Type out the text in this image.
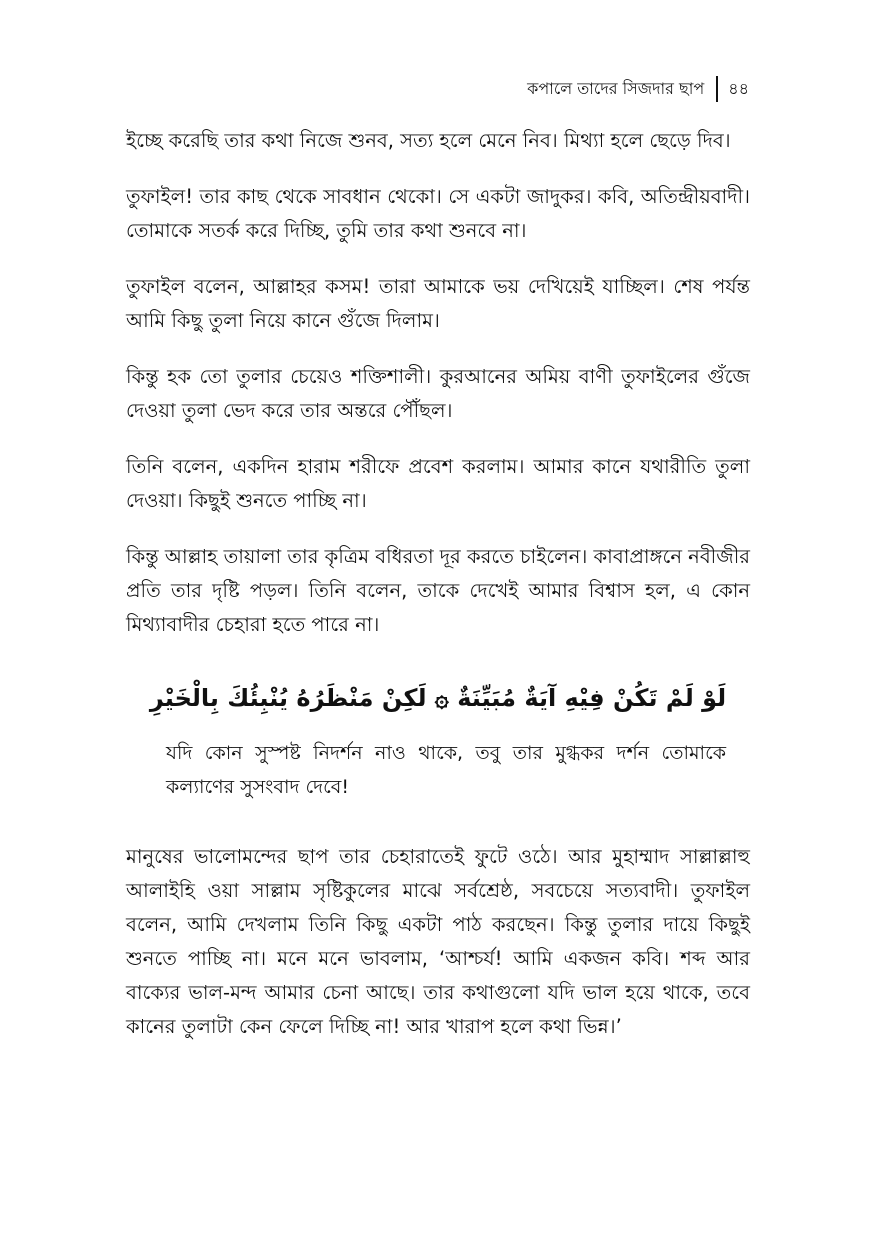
কপালে তাদের সিজদার ছাপ ৪৪

ইচ্ছে করেছি তার কথা নিজে শুনব, সত্য হলে মেনে নিব। মিথ্যা হলে ছেড়ে দিব।

তুফাইল! তার কাছ থেকে সাবধান থেকো। সে একটা জাদুকর। কবি, অতিন্দ্রীয়বাদী। তোমাকে সতর্ক করে দিচ্ছি, তুমি তার কথা শুনবে না।

তুফাইল বলেন, আল্লাহর কসম! তারা আমাকে ভয় দেখিয়েই যাচ্ছিল। শেষ পর্যন্ত আমি কিছু তুলা নিয়ে কানে গুঁজে দিলাম।

কিন্তু হক তো তুলার চেয়েও শক্তিশালী। কুরআনের অমিয় বাণী তুফাইলের গুঁজে দেওয়া তুলা ভেদ করে তার অন্তরে পৌঁছল।

তিনি বলেন, একদিন হারাম শরীফে প্রবেশ করলাম। আমার কানে যথারীতি তুলা দেওয়া। কিছুই শুনতে পাচ্ছি না।

কিন্তু আল্লাহ তায়ালা তার কৃত্রিম বধিরতা দূর করতে চাইলেন। কাবাপ্রাঙ্গনে নবীজীর প্রতি তার দৃষ্টি পড়ল। তিনি বলেন, তাকে দেখেই আমার বিশ্বাস হল, এ কোন মিথ্যাবাদীর চেহারা হতে পারে না।

لَوْ لَمْ تَكُنْ فِيْهِ آيَةٌ مُبَيِّنَةٌ ۞ لَكِنْ مَنْظَرُهُ يُنْبِئُكَ بِالْخَيْرِ

যদি কোন সুস্পষ্ট নিদর্শন নাও থাকে, তবু তার মুগ্ধকর দর্শন তোমাকে কল্যাণের সুসংবাদ দেবে!

মানুষের ভালোমন্দের ছাপ তার চেহারাতেই ফুটে ওঠে। আর মুহাম্মাদ সাল্লাল্লাহু আলাইহি ওয়া সাল্লাম সৃষ্টিকুলের মাঝে সর্বশ্রেষ্ঠ, সবচেয়ে সত্যবাদী। তুফাইল বলেন, আমি দেখলাম তিনি কিছু একটা পাঠ করছেন। কিন্তু তুলার দায়ে কিছুই শুনতে পাচ্ছি না। মনে মনে ভাবলাম, ‘আশ্চর্য! আমি একজন কবি। শব্দ আর বাক্যের ভাল-মন্দ আমার চেনা আছে। তার কথাগুলো যদি ভাল হয়ে থাকে, তবে কানের তুলাটা কেন ফেলে দিচ্ছি না! আর খারাপ হলে কথা ভিন্ন।’
